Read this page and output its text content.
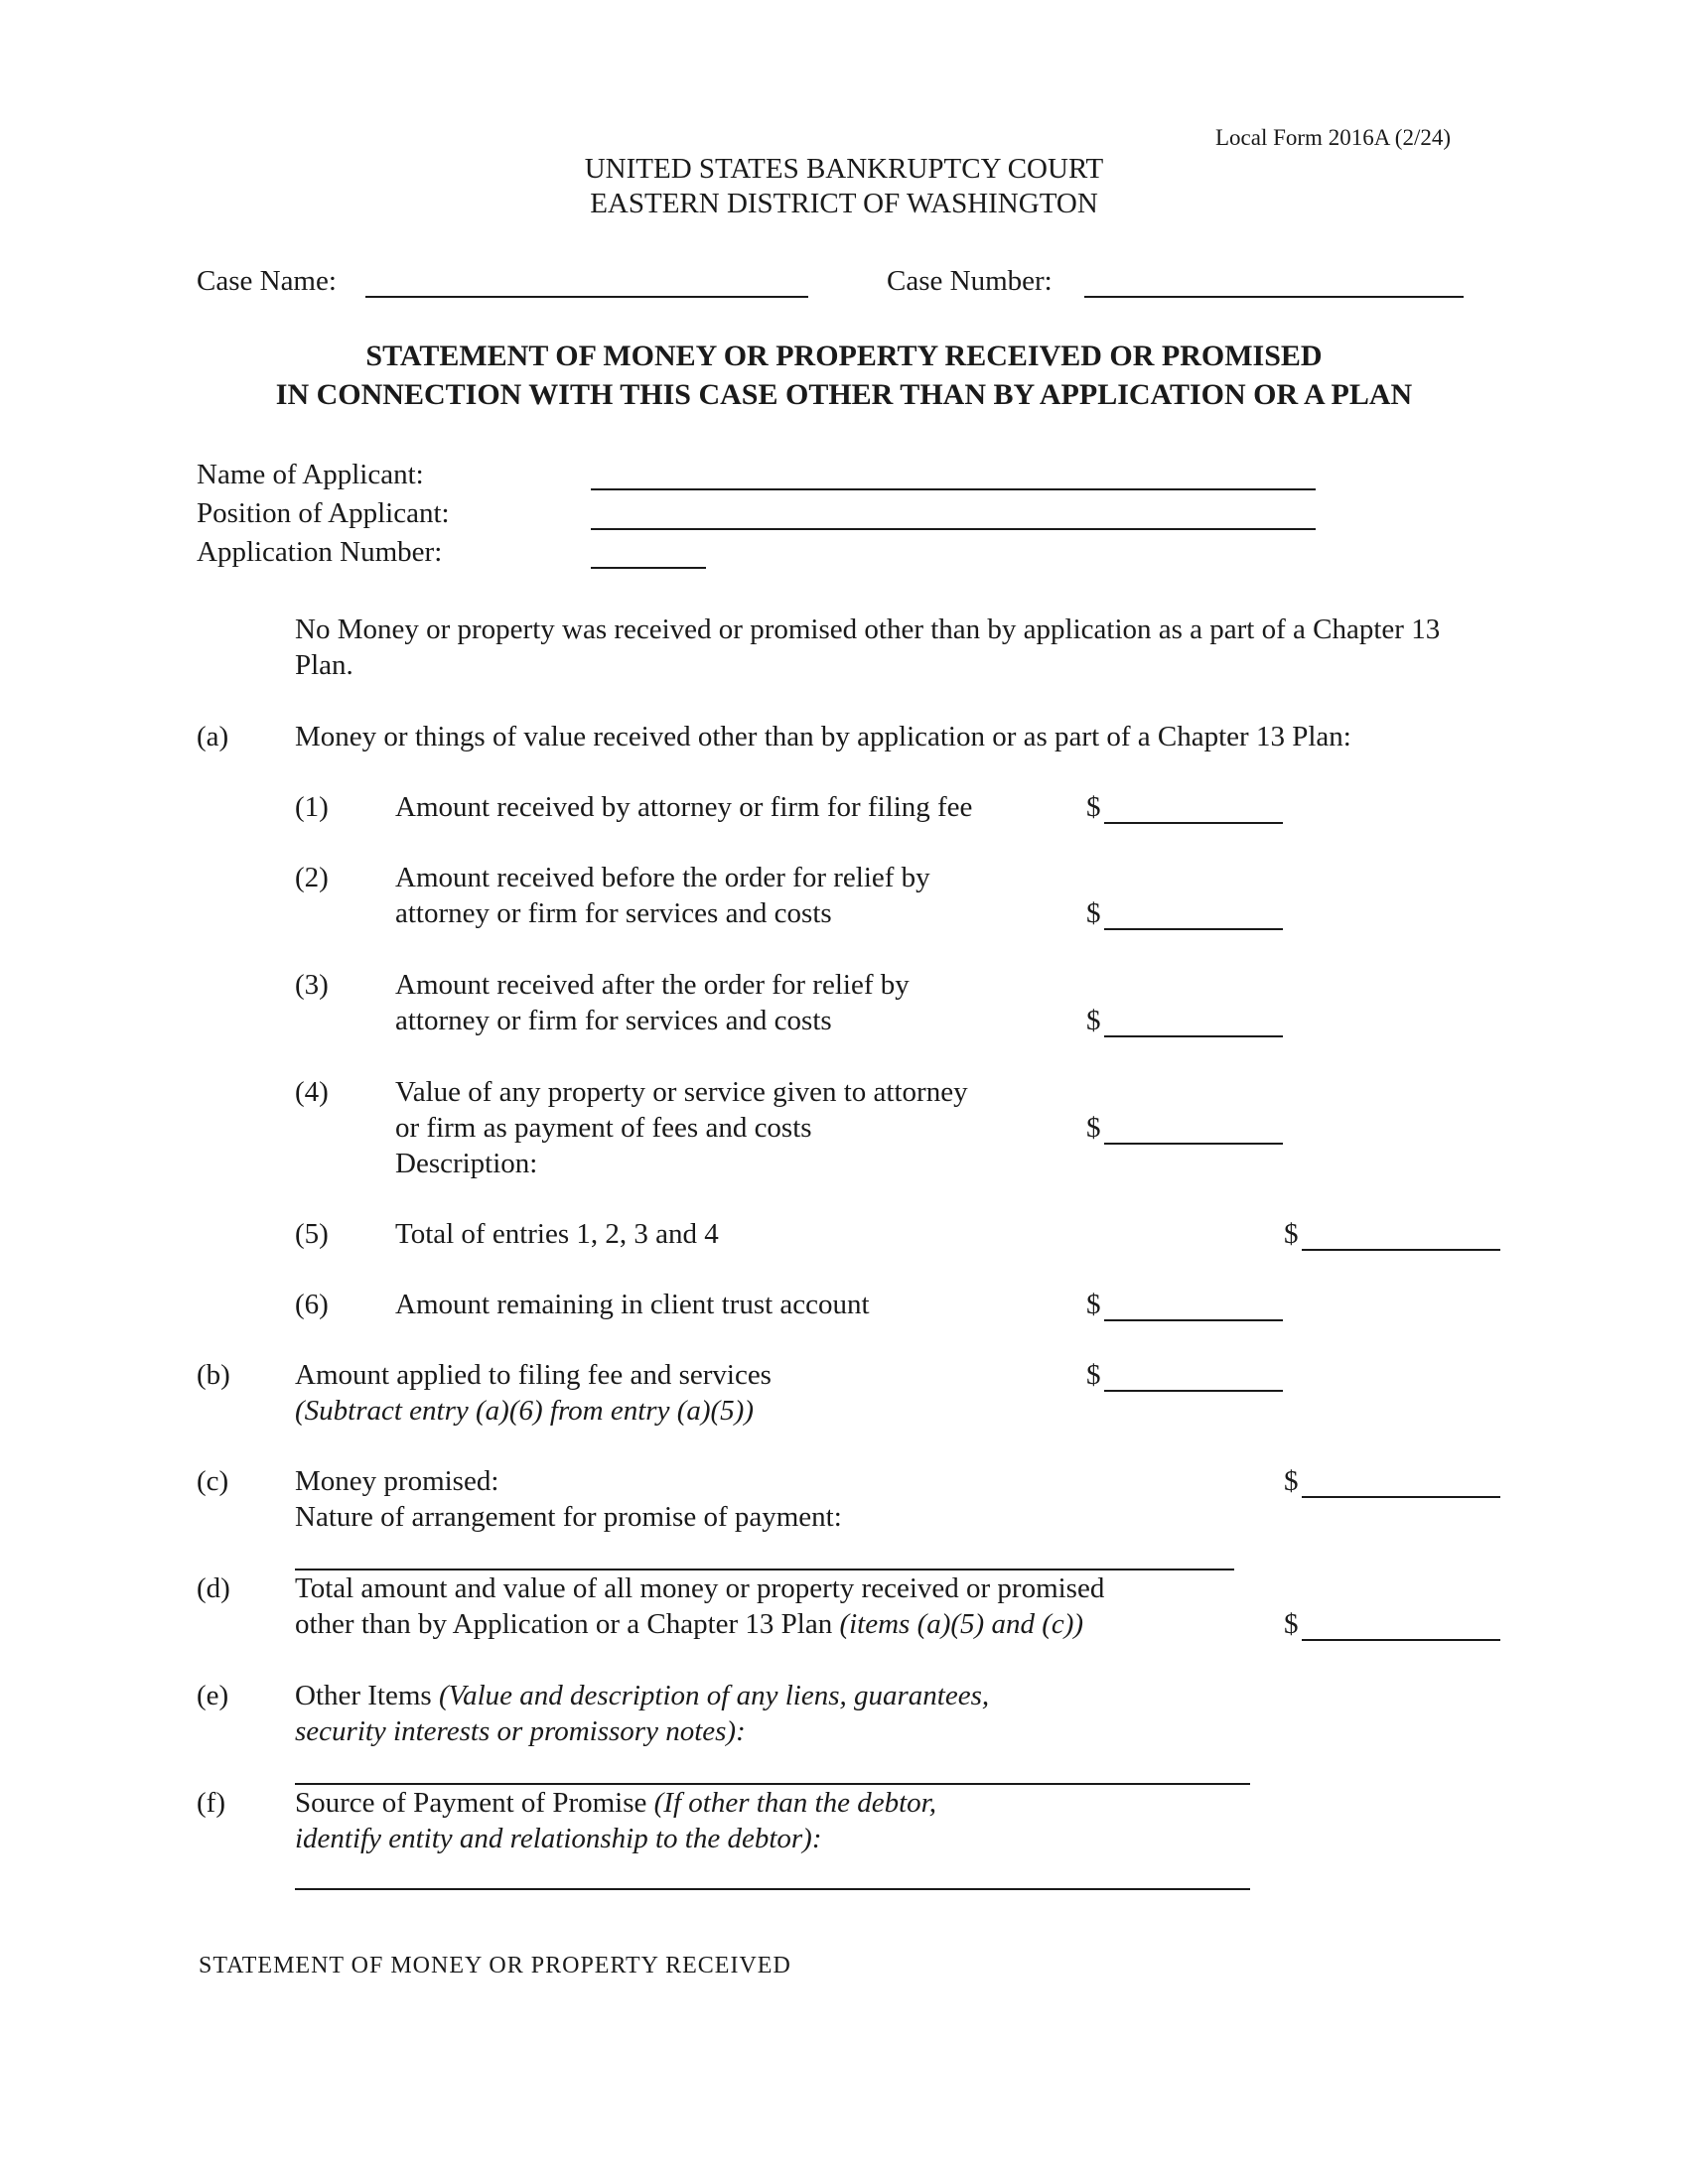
Local Form 2016A (2/24)
UNITED STATES BANKRUPTCY COURT
EASTERN DISTRICT OF WASHINGTON
Case Name:	Case Number:
STATEMENT OF MONEY OR PROPERTY RECEIVED OR PROMISED
IN CONNECTION WITH THIS CASE OTHER THAN BY APPLICATION OR A PLAN
Name of Applicant:
Position of Applicant:
Application Number:
No Money or property was received or promised other than by application as a part of a Chapter 13
Plan.
(a) Money or things of value received other than by application or as part of a Chapter 13 Plan:
(1) Amount received by attorney or firm for filing fee	$
(2) Amount received before the order for relief by
attorney or firm for services and costs	$
(3) Amount received after the order for relief by
attorney or firm for services and costs	$
(4) Value of any property or service given to attorney
or firm as payment of fees and costs
Description:
$
(5) Total of entries 1, 2, 3 and 4	$
(6) Amount remaining in client trust account	$
(b) Amount applied to filing fee and services
(Subtract entry (a)(6) from entry (a)(5))
$
(c) Money promised:
Nature of arrangement for promise of payment:
$
(d) Total amount and value of all money or property received or promised
other than by Application or a Chapter 13 Plan (items (a)(5) and (c))	$
(e) Other Items (Value and description of any liens, guarantees,
security interests or promissory notes):
(f) Source of Payment of Promise (If other than the debtor,
identify entity and relationship to the debtor):
STATEMENT OF MONEY OR PROPERTY RECEIVED
